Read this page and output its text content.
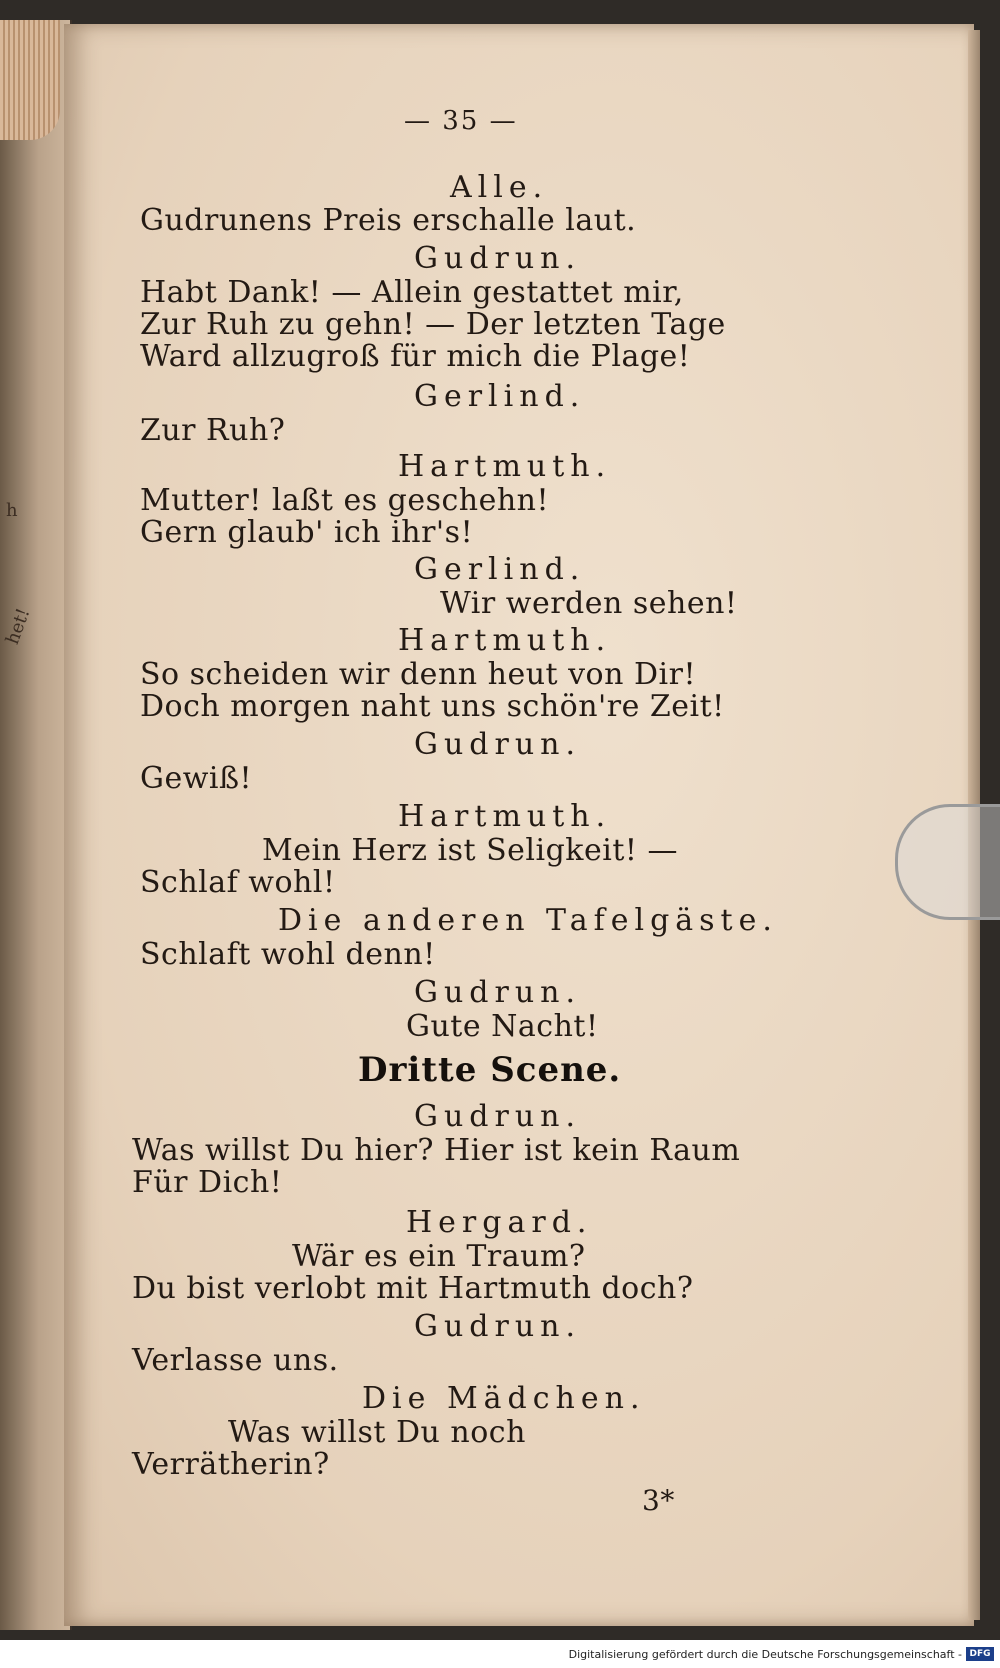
h
het!
— 35 —
Alle.
Gudrunens Preis erschalle laut.
Gudrun.
Habt Dank! — Allein gestattet mir,
Zur Ruh zu gehn! — Der letzten Tage
Ward allzugroß für mich die Plage!
Gerlind.
Zur Ruh?
Hartmuth.
Mutter! laßt es geschehn!
Gern glaub' ich ihr's!
Gerlind.
Wir werden sehen!
Hartmuth.
So scheiden wir denn heut von Dir!
Doch morgen naht uns schön're Zeit!
Gudrun.
Gewiß!
Hartmuth.
Mein Herz ist Seligkeit! —
Schlaf wohl!
Die anderen Tafelgäste.
Schlaft wohl denn!
Gudrun.
Gute Nacht!
Dritte Scene.
Gudrun.
Was willst Du hier? Hier ist kein Raum
Für Dich!
Hergard.
Wär es ein Traum?
Du bist verlobt mit Hartmuth doch?
Gudrun.
Verlasse uns.
Die Mädchen.
Was willst Du noch
Verrätherin?
3*
Digitalisierung gefördert durch die Deutsche Forschungsgemeinschaft - DFG
